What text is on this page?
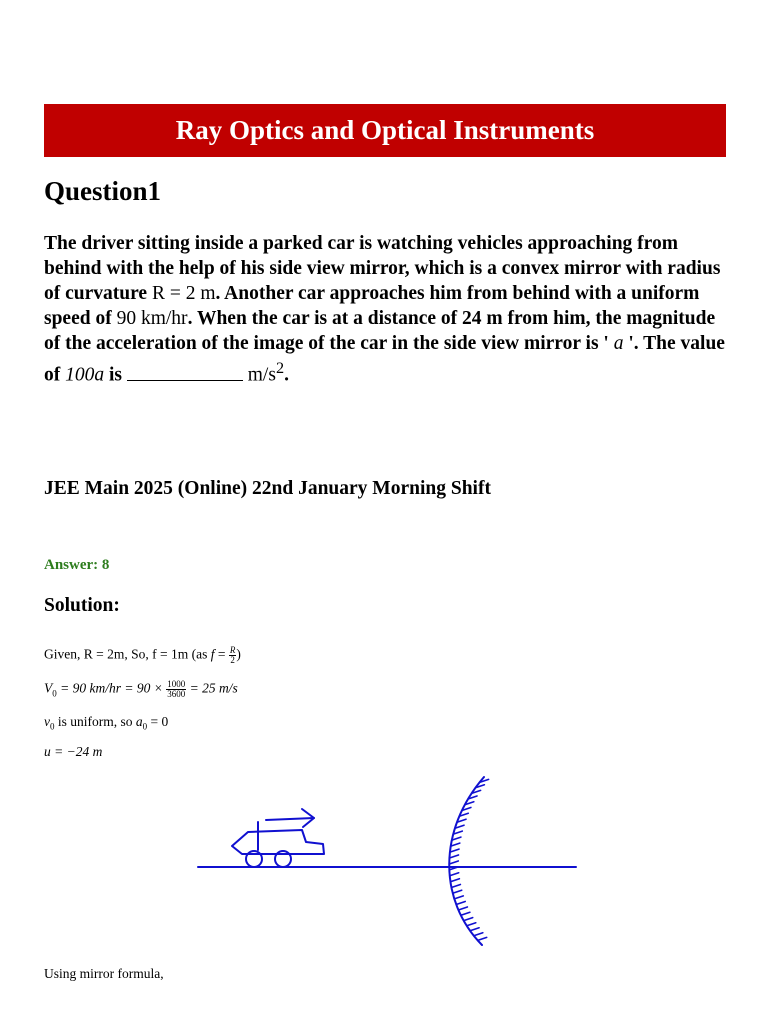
Ray Optics and Optical Instruments
Question1
The driver sitting inside a parked car is watching vehicles approaching from behind with the help of his side view mirror, which is a convex mirror with radius of curvature R = 2 m. Another car approaches him from behind with a uniform speed of 90 km/hr. When the car is at a distance of 24 m from him, the magnitude of the acceleration of the image of the car in the side view mirror is ' a '. The value of 100a is	$m/s^2$.
JEE Main 2025 (Online) 22nd January Morning Shift
Answer: 8
Solution:
Given, R = 2m, So, f = 1m (as $f = \frac{R}{2}$ )
$V_0 = 90$ $km/hr = 90 \times \frac{1000}{3600} = 25$ m/s
$v_0$ is uniform, so $a_0 = 0$
u = −24 m
Using mirror formula,
